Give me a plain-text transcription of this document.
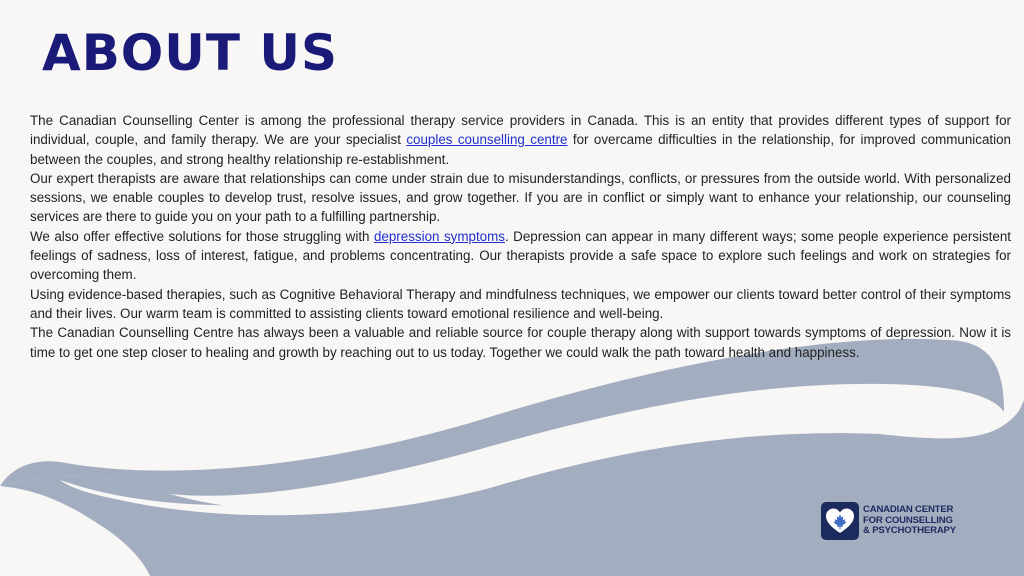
ABOUT US

The Canadian Counselling Center is among the professional therapy service providers in Canada. This is an entity that provides different types of support for individual, couple, and family therapy. We are your specialist couples counselling centre for overcame difficulties in the relationship, for improved communication between the couples, and strong healthy relationship re-establishment.

Our expert therapists are aware that relationships can come under strain due to misunderstandings, conflicts, or pressures from the outside world. With personalized sessions, we enable couples to develop trust, resolve issues, and grow together. If you are in conflict or simply want to enhance your relationship, our counseling services are there to guide you on your path to a fulfilling partnership.

We also offer effective solutions for those struggling with depression symptoms. Depression can appear in many different ways; some people experience persistent feelings of sadness, loss of interest, fatigue, and problems concentrating. Our therapists provide a safe space to explore such feelings and work on strategies for overcoming them.

Using evidence-based therapies, such as Cognitive Behavioral Therapy and mindfulness techniques, we empower our clients toward better control of their symptoms and their lives. Our warm team is committed to assisting clients toward emotional resilience and well-being.

The Canadian Counselling Centre has always been a valuable and reliable source for couple therapy along with support towards symptoms of depression. Now it is time to get one step closer to healing and growth by reaching out to us today. Together we could walk the path toward health and happiness.

CANADIAN CENTER
FOR COUNSELLING
& PSYCHOTHERAPY
